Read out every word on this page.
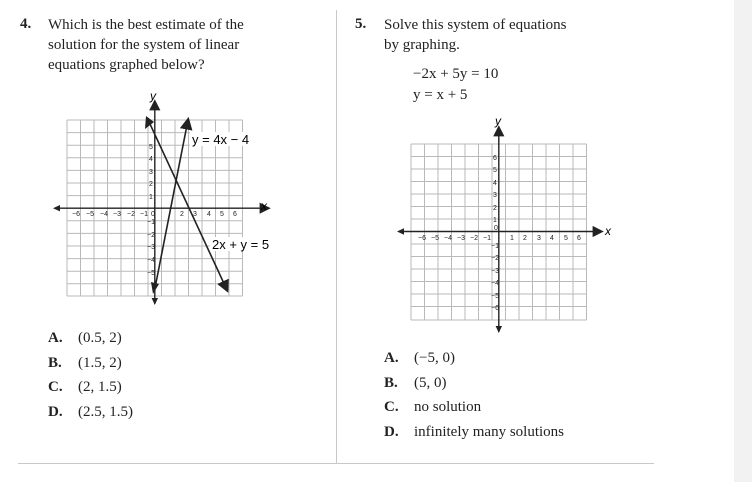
4. Which is the best estimate of the
solution for the system of linear
equations graphed below?
x
y
−6 −5 −4 −3 −2 −1 0	2 3 4 5 6
5
4
3
2
1
−1
−2
−3
−4
−5
y = 4x − 4
2x + y = 5
A.	(0.5, 2)
B.	(1.5, 2)
C.	(2, 1.5)
D.	(2.5, 1.5)
5. Solve this system of equations
by graphing.
−2x + 5y = 10
y = x + 5
x
y
−6 −5 −4 −3 −2 −1
0
1 2 3 4 5 6
6
5
4
3
2
1
−1
−2
−3
−4
−5
−6
A.	(−5, 0)
B.	(5, 0)
C.	no solution
D.	infinitely many solutions
